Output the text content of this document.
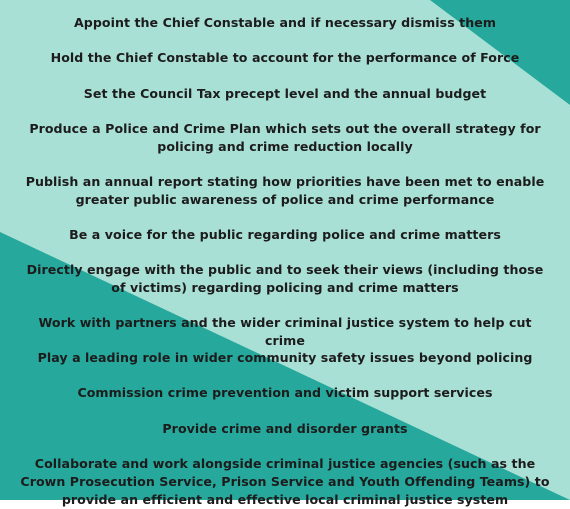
Appoint the Chief Constable and if necessary dismiss them

Hold the Chief Constable to account for the performance of Force

Set the Council Tax precept level and the annual budget

Produce a Police and Crime Plan which sets out the overall strategy for policing and crime reduction locally

Publish an annual report stating how priorities have been met to enable greater public awareness of police and crime performance

Be a voice for the public regarding police and crime matters

Directly engage with the public and to seek their views (including those of victims) regarding policing and crime matters

Work with partners and the wider criminal justice system to help cut crime

Play a leading role in wider community safety issues beyond policing

Commission crime prevention and victim support services

Provide crime and disorder grants

Collaborate and work alongside criminal justice agencies (such as the Crown Prosecution Service, Prison Service and Youth Offending Teams) to provide an efficient and effective local criminal justice system
